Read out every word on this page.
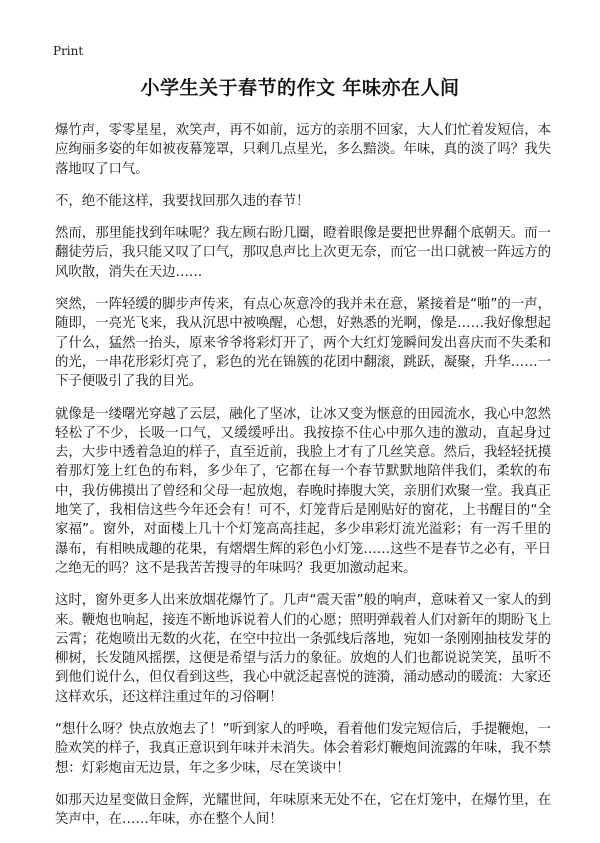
Print
小学生关于春节的作文 年味亦在人间

爆竹声，零零星星，欢笑声，再不如前，远方的亲朋不回家，大人们忙着发短信，本应绚丽多姿的年如被夜幕笼罩，只剩几点星光，多么黯淡。年味，真的淡了吗？我失落地叹了口气。

不，绝不能这样，我要找回那久违的春节！

然而，那里能找到年味呢？我左顾右盼几圈，瞪着眼像是要把世界翻个底朝天。而一翻徒劳后，我只能又叹了口气，那叹息声比上次更无奈，而它一出口就被一阵远方的风吹散，消失在天边……

突然，一阵轻缓的脚步声传来，有点心灰意冷的我并未在意，紧接着是“啪”的一声，随即，一亮光飞来，我从沉思中被唤醒，心想，好熟悉的光啊，像是……我好像想起了什么，猛然一抬头，原来爷爷将彩灯开了，两个大红灯笼瞬间发出喜庆而不失柔和的光，一串花形彩灯亮了，彩色的光在锦簇的花团中翻滚，跳跃，凝聚，升华……一下子便吸引了我的目光。

就像是一缕曙光穿越了云层，融化了坚冰，让冰又变为惬意的田园流水，我心中忽然轻松了不少，长吸一口气，又缓缓呼出。我按捺不住心中那久违的激动，直起身过去，大步中透着急迫的样子，直至近前，我脸上才有了几丝笑意。然后，我轻轻抚摸着那灯笼上红色的布料，多少年了，它都在每一个春节默默地陪伴我们，柔软的布中，我仿佛摸出了曾经和父母一起放炮，春晚时捧腹大笑，亲朋们欢聚一堂。我真正地笑了，我相信这些今年还会有！可不，灯笼背后是刚贴好的窗花，上书醒目的“全家福”。窗外，对面楼上几十个灯笼高高挂起，多少串彩灯流光溢彩；有一泻千里的瀑布，有相映成趣的花果，有熠熠生辉的彩色小灯笼……这些不是春节之必有，平日之绝无的吗？这不是我苦苦搜寻的年味吗？我更加激动起来。

这时，窗外更多人出来放烟花爆竹了。几声“震天雷”般的响声，意味着又一家人的到来。鞭炮也响起，接连不断地诉说着人们的心愿；照明弹载着人们对新年的期盼飞上云霄；花炮喷出无数的火花，在空中拉出一条弧线后落地，宛如一条刚刚抽枝发芽的柳树，长发随风摇摆，这便是希望与活力的象征。放炮的人们也都说说笑笑，虽听不到他们说什么，但仅看到这些，我心中就泛起喜悦的涟漪，涌动感动的暖流：大家还这样欢乐，还这样注重过年的习俗啊！

“想什么呀？快点放炮去了！”听到家人的呼唤，看着他们发完短信后，手提鞭炮，一脸欢笑的样子，我真正意识到年味并未消失。体会着彩灯鞭炮间流露的年味，我不禁想：灯彩炮亩无边景，年之多少味，尽在笑谈中！

如那天边星变做日金辉，光耀世间，年味原来无处不在，它在灯笼中，在爆竹里，在笑声中，在……年味，亦在整个人间！
